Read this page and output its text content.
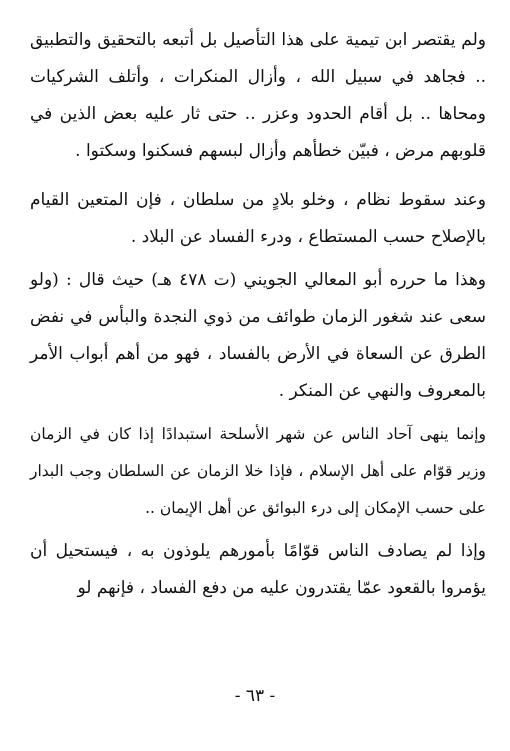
ولم يقتصر ابن تيمية على هذا التأصيل بل أتبعه بالتحقيق والتطبيق .. فجاهد في سبيل الله ، وأزال المنكرات ، وأتلف الشركيات ومحاها .. بل أقام الحدود وعزر .. حتى ثار عليه بعض الذين في قلوبهم مرض ، فبيّن خطأهم وأزال لبسهم فسكنوا وسكتوا .

وعند سقوط نظام ، وخلو بلادٍ من سلطان ، فإن المتعين القيام بالإصلاح حسب المستطاع ، ودرء الفساد عن البلاد .

وهذا ما حرره أبو المعالي الجويني (ت ٤٧٨ هـ) حيث قال : (ولو سعى عند شغور الزمان طوائف من ذوي النجدة والبأس في نفض الطرق عن السعاة في الأرض بالفساد ، فهو من أهم أبواب الأمر بالمعروف والنهي عن المنكر .

وإنما ينهى آحاد الناس عن شهر الأسلحة استبدادًا إذا كان في الزمان وزير قوّام على أهل الإسلام ، فإذا خلا الزمان عن السلطان وجب البدار على حسب الإمكان إلى درء البوائق عن أهل الإيمان ..

وإذا لم يصادف الناس قوّامًا بأمورهم يلوذون به ، فيستحيل أن يؤمروا بالقعود عمّا يقتدرون عليه من دفع الفساد ، فإنهم لو

- ٦٣ -
